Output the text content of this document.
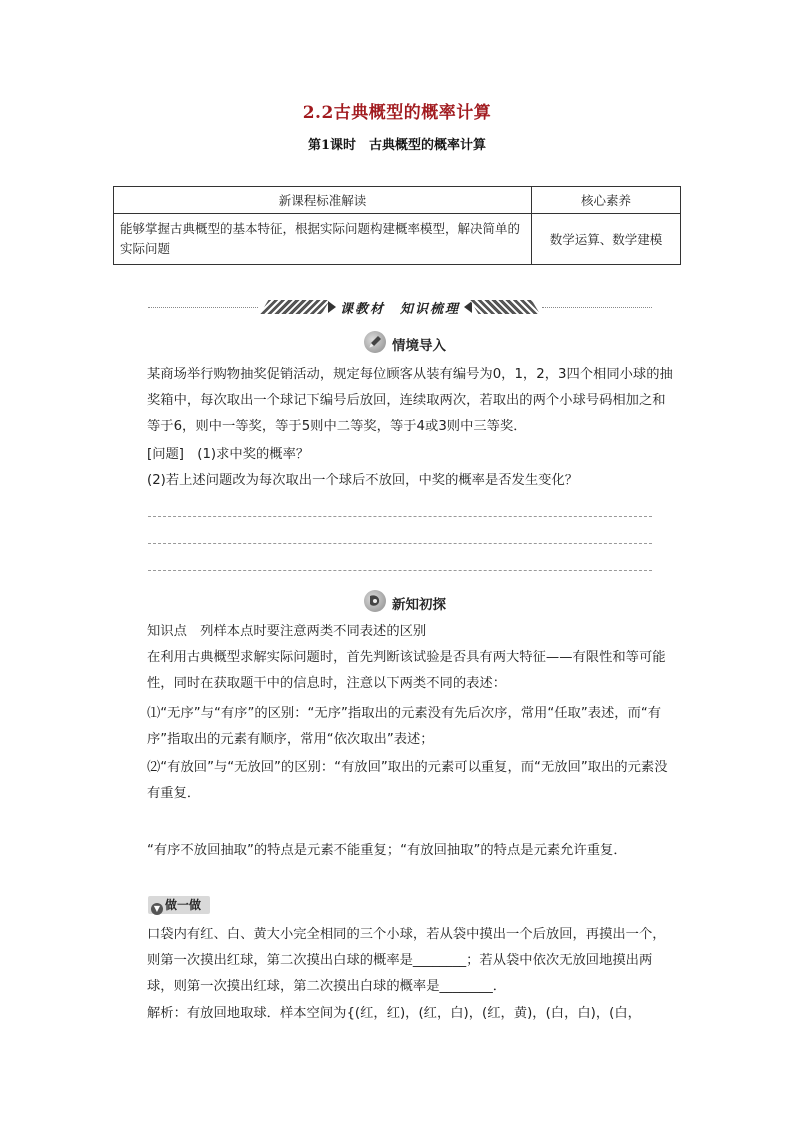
2.2古典概型的概率计算
第1课时　古典概型的概率计算
新课程标准解读	核心素养
能够掌握古典概型的基本特征，根据实际问题构建概率模型，解决简单的实际问题	数学运算、数学建模
课教材　知识梳理
情境导入
某商场举行购物抽奖促销活动，规定每位顾客从装有编号为0，1，2，3四个相同小球的抽奖箱中，每次取出一个球记下编号后放回，连续取两次，若取出的两个小球号码相加之和等于6，则中一等奖，等于5则中二等奖，等于4或3则中三等奖．
[问题]　(1)求中奖的概率？
(2)若上述问题改为每次取出一个球后不放回，中奖的概率是否发生变化？
新知初探
知识点　列样本点时要注意两类不同表述的区别
在利用古典概型求解实际问题时，首先判断该试验是否具有两大特征——有限性和等可能性，同时在获取题干中的信息时，注意以下两类不同的表述：
⑴“无序”与“有序”的区别：“无序”指取出的元素没有先后次序，常用“任取”表述，而“有序”指取出的元素有顺序，常用“依次取出”表述；
⑵“有放回”与“无放回”的区别：“有放回”取出的元素可以重复，而“无放回”取出的元素没有重复．
“有序不放回抽取”的特点是元素不能重复；“有放回抽取”的特点是元素允许重复．
▼ 做一做
口袋内有红、白、黄大小完全相同的三个小球，若从袋中摸出一个后放回，再摸出一个，则第一次摸出红球，第二次摸出白球的概率是________；若从袋中依次无放回地摸出两球，则第一次摸出红球，第二次摸出白球的概率是________．
解析：有放回地取球．样本空间为{(红，红)，(红，白)，(红，黄)，(白，白)，(白，
